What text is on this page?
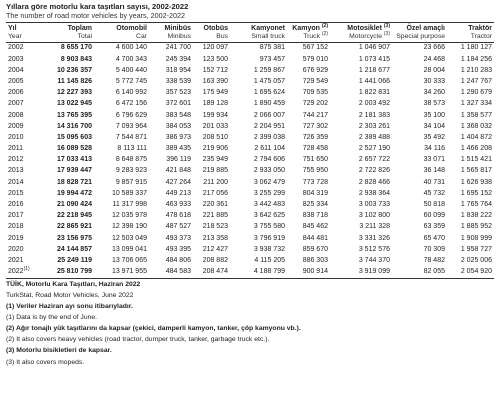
Yıllara göre motorlu kara taşıtları sayısı, 2002-2022

The number of road motor vehicles by years, 2002-2022

Yıl	Toplam	Otomobil	Minibüs	Otobüs	Kamyonet	Kamyon $^{(2)}$	Motosiklet $^{(3)}$	Özel amaçlı	Traktör
Year	Total	Car	Minibus	Bus	Small truck	Truck $^{(2)}$	Motorcycle $^{(3)}$	Special purpose	Tractor
2002	8 655 170	4 600 140	241 700	120 097	875 381	567 152	1 046 907	23 666	1 180 127
2003	8 903 843	4 700 343	245 394	123 500	973 457	579 010	1 073 415	24 468	1 184 256
2004	10 236 357	5 400 440	318 954	152 712	1 259 867	676 929	1 218 677	28 004	1 210 283
2005	11 145 826	5 772 745	338 539	163 390	1 475 057	729 549	1 441 066	30 333	1 247 767
2006	12 227 393	6 140 992	357 523	175 949	1 695 624	709 535	1 822 831	34 260	1 290 679
2007	13 022 945	6 472 156	372 601	189 128	1 890 459	729 202	2 003 492	38 573	1 327 334
2008	13 765 395	6 796 629	383 548	199 934	2 066 007	744 217	2 181 383	35 100	1 358 577
2009	14 316 700	7 093 964	384 053	201 033	2 204 951	727 302	2 303 261	34 104	1 368 032
2010	15 095 603	7 544 871	386 973	208 510	2 399 038	726 359	2 389 488	35 492	1 404 872
2011	16 089 528	8 113 111	389 435	219 906	2 611 104	728 458	2 527 190	34 116	1 466 208
2012	17 033 413	8 648 875	396 119	235 949	2 794 606	751 650	2 657 722	33 071	1 515 421
2013	17 939 447	9 283 923	421 848	219 885	2 933 050	755 950	2 722 826	36 148	1 565 817
2014	18 828 721	9 857 915	427 264	211 200	3 062 479	773 728	2 828 466	40 731	1 626 938
2015	19 994 472	10 589 337	449 213	217 056	3 255 299	804 319	2 938 364	45 732	1 695 152
2016	21 090 424	11 317 998	463 933	220 361	3 442 483	825 334	3 003 733	50 818	1 765 764
2017	22 218 945	12 035 978	478 618	221 885	3 642 625	838 718	3 102 800	60 099	1 838 222
2018	22 865 921	12 398 190	487 527	218 523	3 755 580	845 462	3 211 328	63 359	1 885 952
2019	23 156 975	12 503 049	493 373	213 358	3 796 919	844 481	3 331 326	65 470	1 908 999
2020	24 144 857	13 099 041	493 395	212 427	3 938 732	859 670	3 512 576	70 309	1 958 727
2021	25 249 119	13 706 065	484 806	208 882	4 115 205	886 303	3 744 370	78 482	2 025 006
2022$^{(1)}$	25 810 799	13 971 955	484 583	208 474	4 188 799	900 914	3 919 099	82 055	2 054 920

TÜİK, Motorlu Kara Taşıtları, Haziran 2022

TurkStat, Road Motor Vehicles, June 2022

(1) Veriler Haziran ayı sonu itibarıyladır.

(1) Data is by the end of June.

(2) Ağır tonajlı yük taşıtlarını da kapsar (çekici, damperli kamyon, tanker, çöp kamyonu vb.).

(2) It also covers heavy vehicles (road tractor, dumper truck, tanker, garbage truck etc.).

(3) Motorlu bisikletleri de kapsar.

(3) It also covers mopeds.
